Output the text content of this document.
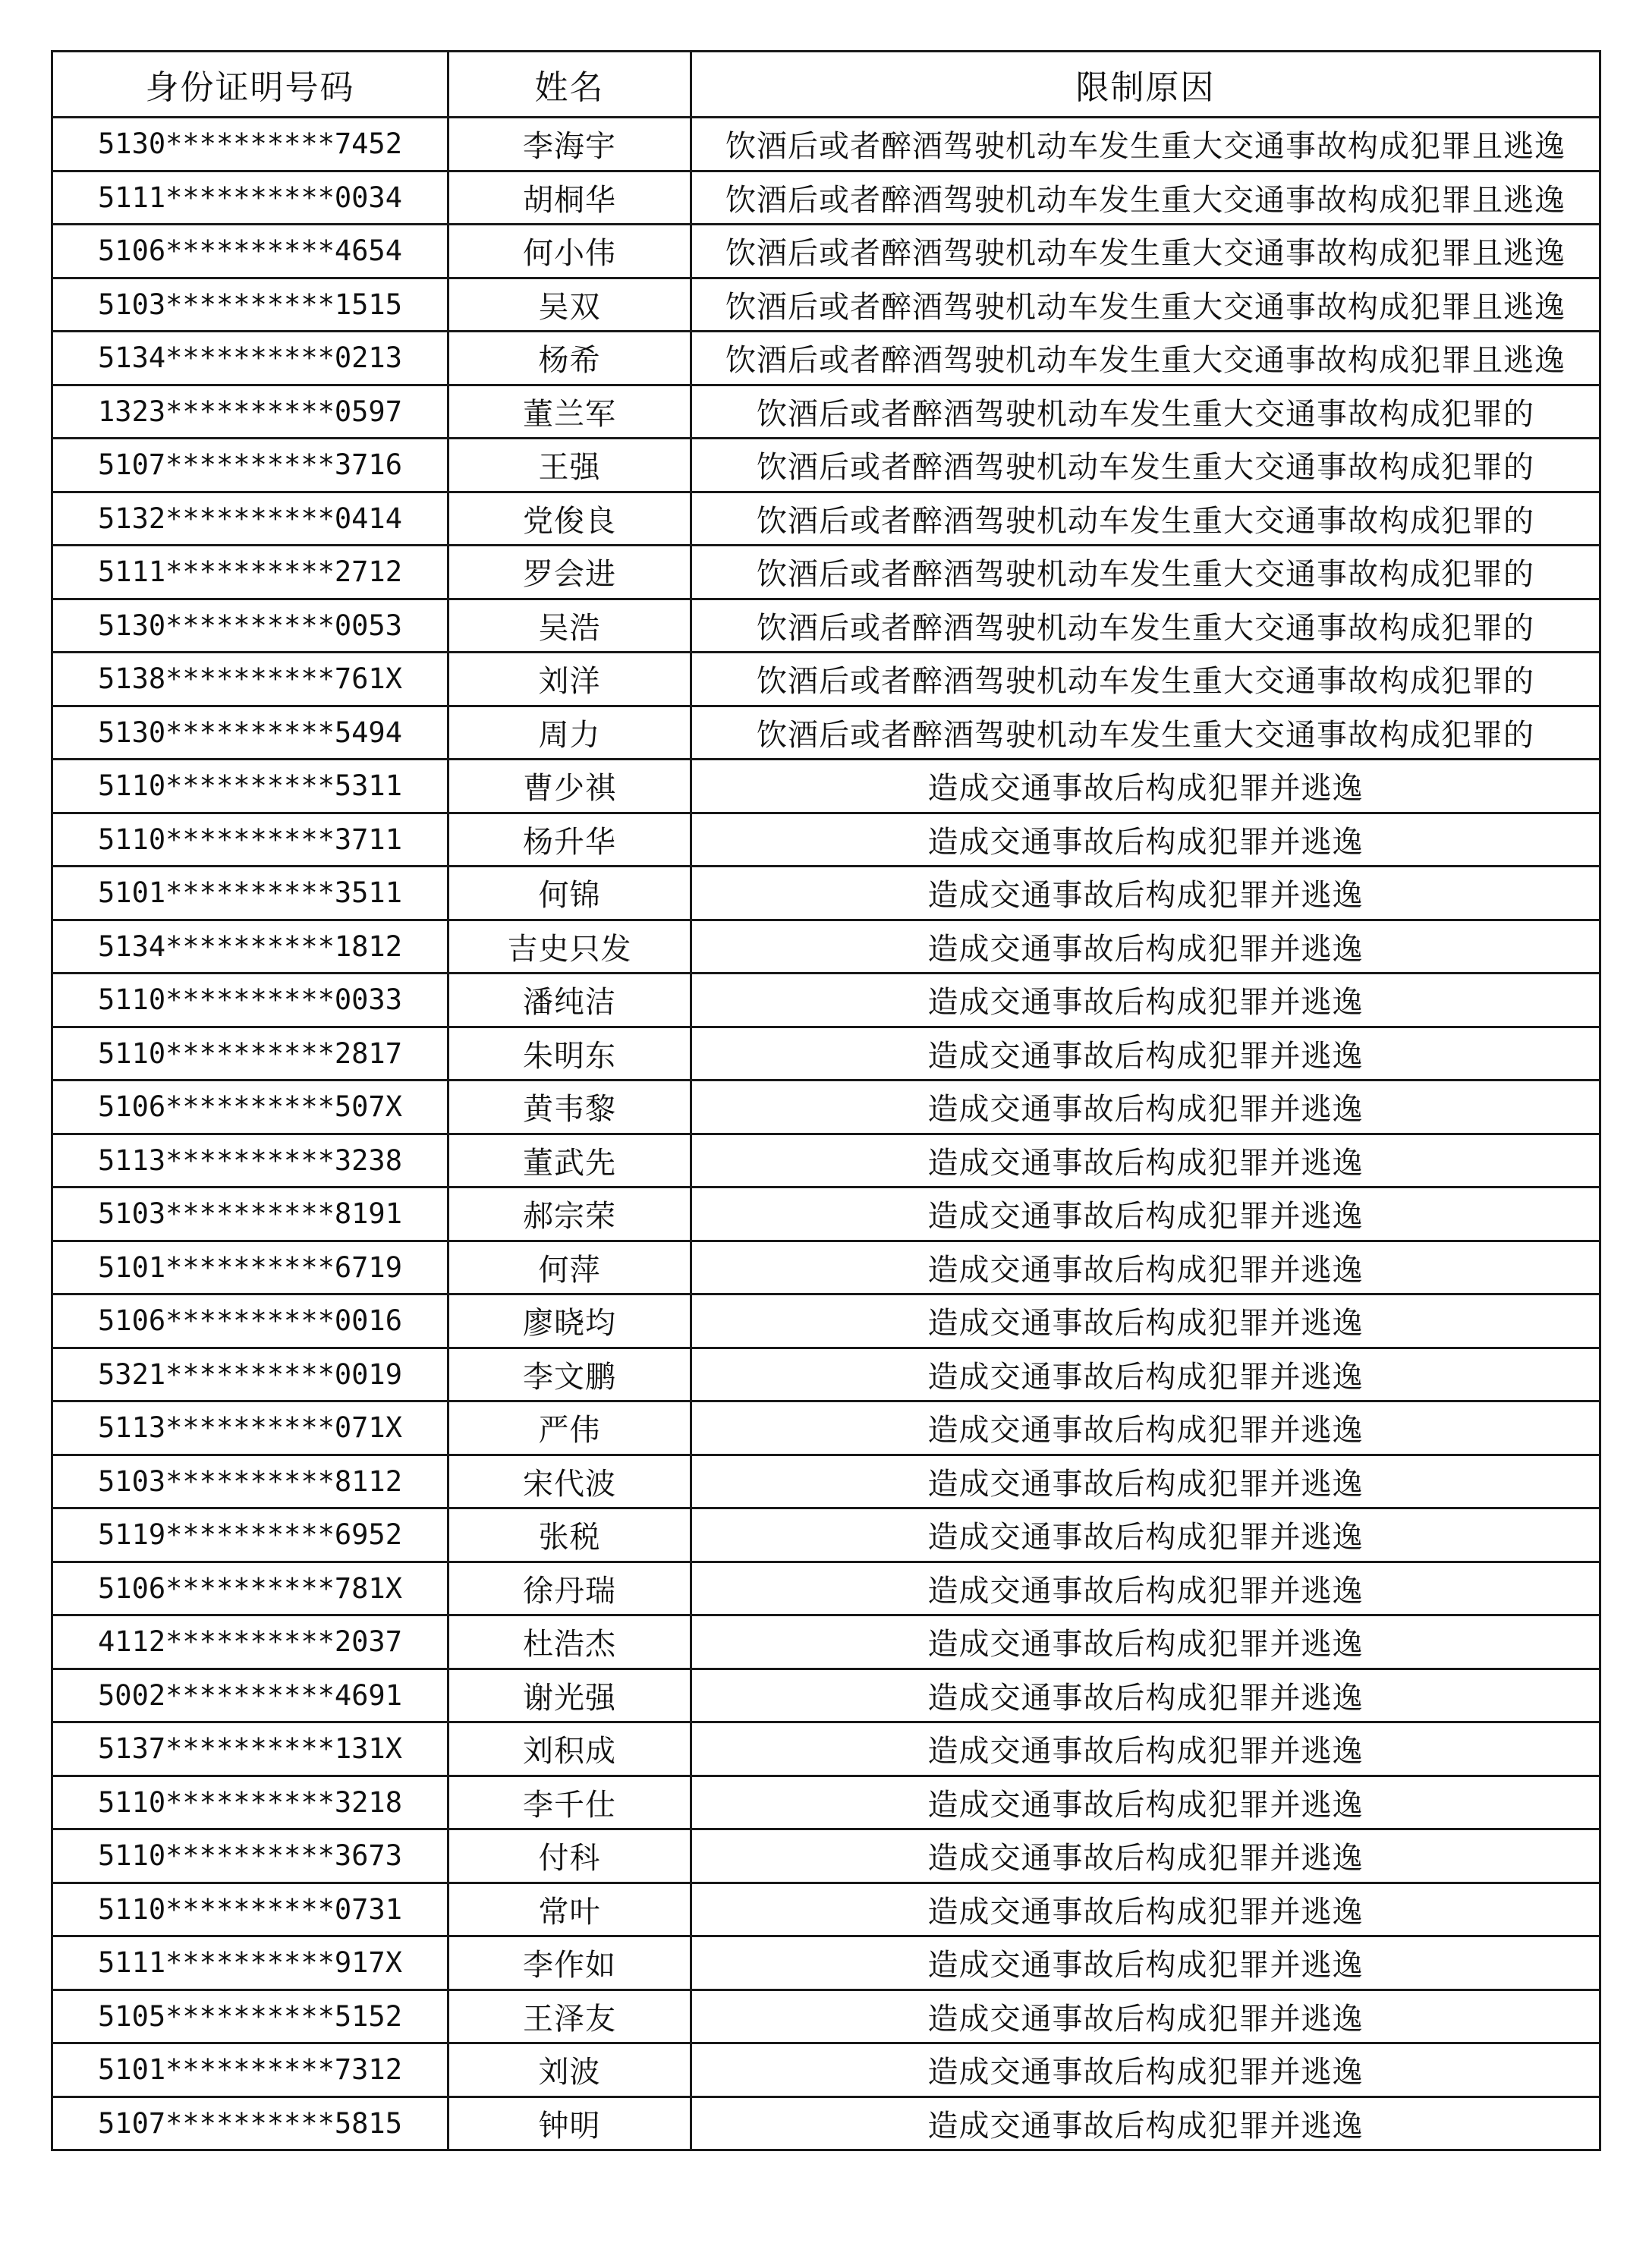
身份证明号码	姓名	限制原因
5130**********7452	李海宇	饮酒后或者醉酒驾驶机动车发生重大交通事故构成犯罪且逃逸
5111**********0034	胡桐华	饮酒后或者醉酒驾驶机动车发生重大交通事故构成犯罪且逃逸
5106**********4654	何小伟	饮酒后或者醉酒驾驶机动车发生重大交通事故构成犯罪且逃逸
5103**********1515	吴双	饮酒后或者醉酒驾驶机动车发生重大交通事故构成犯罪且逃逸
5134**********0213	杨希	饮酒后或者醉酒驾驶机动车发生重大交通事故构成犯罪且逃逸
1323**********0597	董兰军	饮酒后或者醉酒驾驶机动车发生重大交通事故构成犯罪的
5107**********3716	王强	饮酒后或者醉酒驾驶机动车发生重大交通事故构成犯罪的
5132**********0414	党俊良	饮酒后或者醉酒驾驶机动车发生重大交通事故构成犯罪的
5111**********2712	罗会进	饮酒后或者醉酒驾驶机动车发生重大交通事故构成犯罪的
5130**********0053	吴浩	饮酒后或者醉酒驾驶机动车发生重大交通事故构成犯罪的
5138**********761X	刘洋	饮酒后或者醉酒驾驶机动车发生重大交通事故构成犯罪的
5130**********5494	周力	饮酒后或者醉酒驾驶机动车发生重大交通事故构成犯罪的
5110**********5311	曹少祺	造成交通事故后构成犯罪并逃逸
5110**********3711	杨升华	造成交通事故后构成犯罪并逃逸
5101**********3511	何锦	造成交通事故后构成犯罪并逃逸
5134**********1812	吉史只发	造成交通事故后构成犯罪并逃逸
5110**********0033	潘纯洁	造成交通事故后构成犯罪并逃逸
5110**********2817	朱明东	造成交通事故后构成犯罪并逃逸
5106**********507X	黄韦黎	造成交通事故后构成犯罪并逃逸
5113**********3238	董武先	造成交通事故后构成犯罪并逃逸
5103**********8191	郝宗荣	造成交通事故后构成犯罪并逃逸
5101**********6719	何萍	造成交通事故后构成犯罪并逃逸
5106**********0016	廖晓均	造成交通事故后构成犯罪并逃逸
5321**********0019	李文鹏	造成交通事故后构成犯罪并逃逸
5113**********071X	严伟	造成交通事故后构成犯罪并逃逸
5103**********8112	宋代波	造成交通事故后构成犯罪并逃逸
5119**********6952	张税	造成交通事故后构成犯罪并逃逸
5106**********781X	徐丹瑞	造成交通事故后构成犯罪并逃逸
4112**********2037	杜浩杰	造成交通事故后构成犯罪并逃逸
5002**********4691	谢光强	造成交通事故后构成犯罪并逃逸
5137**********131X	刘积成	造成交通事故后构成犯罪并逃逸
5110**********3218	李千仕	造成交通事故后构成犯罪并逃逸
5110**********3673	付科	造成交通事故后构成犯罪并逃逸
5110**********0731	常叶	造成交通事故后构成犯罪并逃逸
5111**********917X	李作如	造成交通事故后构成犯罪并逃逸
5105**********5152	王泽友	造成交通事故后构成犯罪并逃逸
5101**********7312	刘波	造成交通事故后构成犯罪并逃逸
5107**********5815	钟明	造成交通事故后构成犯罪并逃逸
